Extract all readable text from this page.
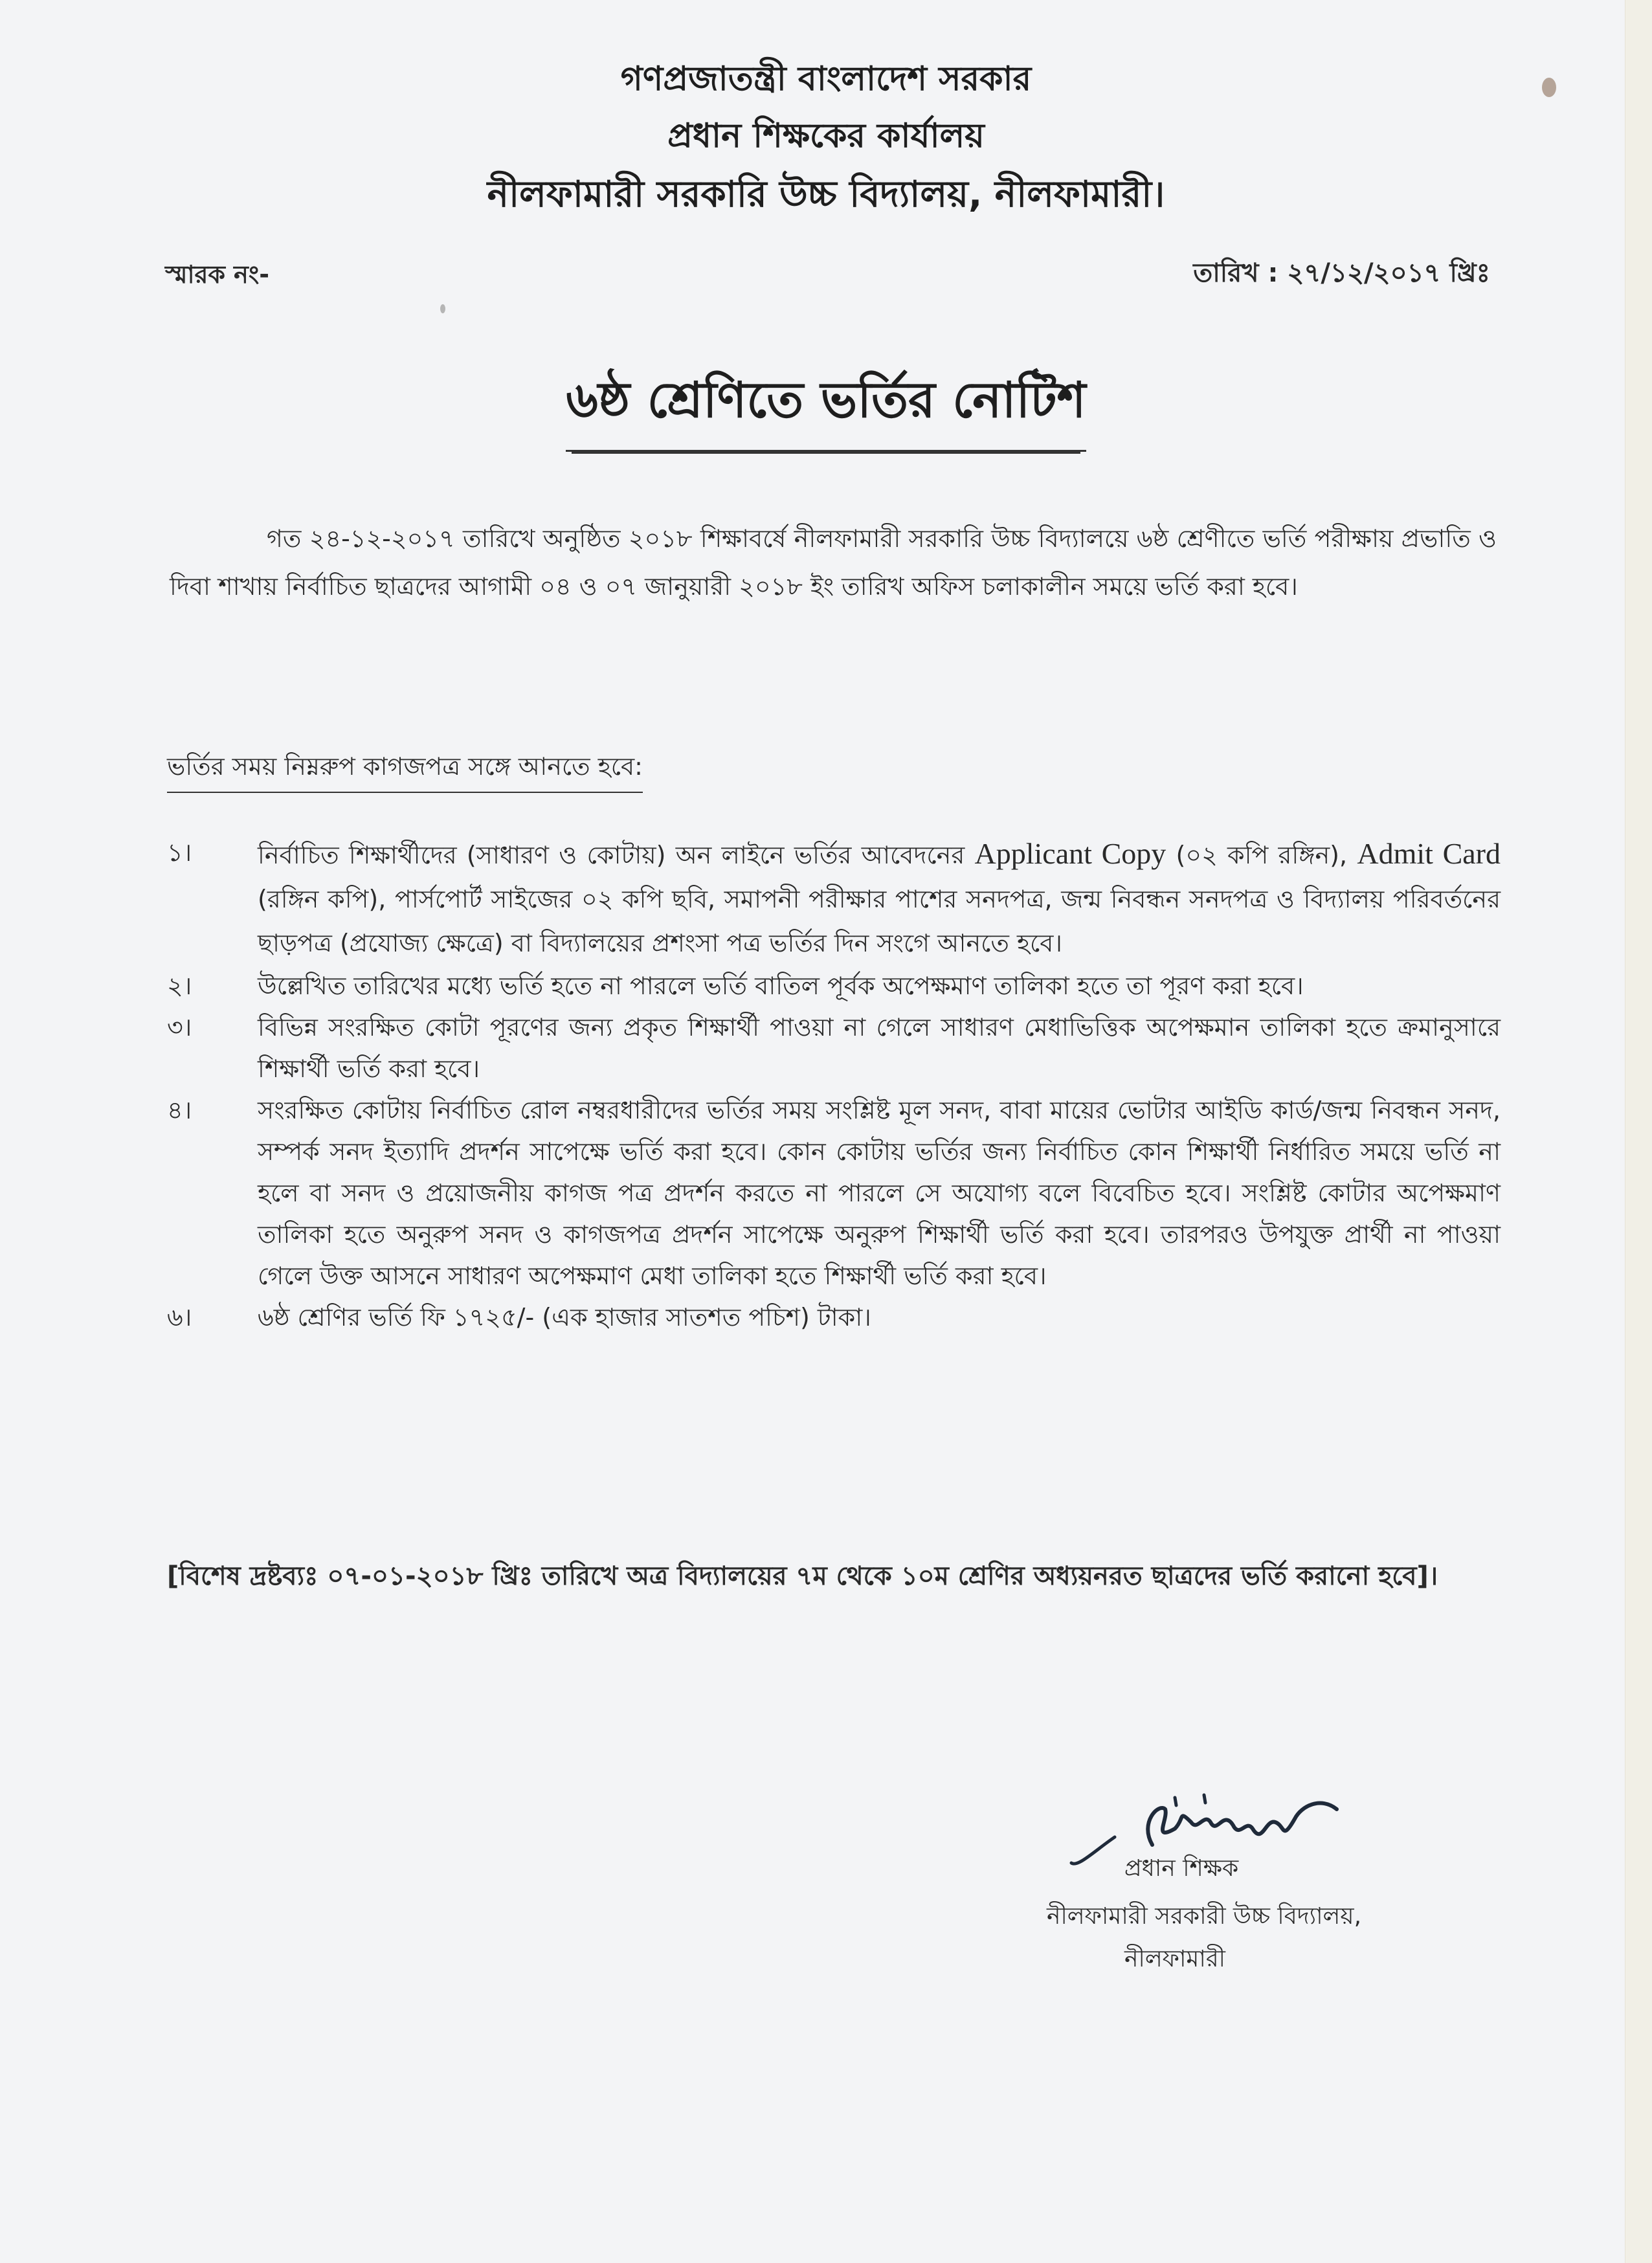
গণপ্রজাতন্ত্রী বাংলাদেশ সরকার
প্রধান শিক্ষকের কার্যালয়
নীলফামারী সরকারি উচ্চ বিদ্যালয়, নীলফামারী।
স্মারক নং-	তারিখ : ২৭/১২/২০১৭ খ্রিঃ
৬ষ্ঠ শ্রেণিতে ভর্তির নোটিশ

গত ২৪-১২-২০১৭ তারিখে অনুষ্ঠিত ২০১৮ শিক্ষাবর্ষে নীলফামারী সরকারি উচ্চ বিদ্যালয়ে ৬ষ্ঠ শ্রেণীতে ভর্তি পরীক্ষায় প্রভাতি ও দিবা শাখায় নির্বাচিত ছাত্রদের আগামী ০৪ ও ০৭ জানুয়ারী ২০১৮ ইং তারিখ অফিস চলাকালীন সময়ে ভর্তি করা হবে।

ভর্তির সময় নিম্নরুপ কাগজপত্র সঙ্গে আনতে হবে:
১।	নির্বাচিত শিক্ষার্থীদের (সাধারণ ও কোটায়) অন লাইনে ভর্তির আবেদনের Applicant Copy (০২ কপি রঙ্গিন), Admit Card (রঙ্গিন কপি), পার্সপোর্ট সাইজের ০২ কপি ছবি, সমাপনী পরীক্ষার পাশের সনদপত্র, জন্ম নিবন্ধন সনদপত্র ও বিদ্যালয় পরিবর্তনের ছাড়পত্র (প্রযোজ্য ক্ষেত্রে) বা বিদ্যালয়ের প্রশংসা পত্র ভর্তির দিন সংগে আনতে হবে।
২।	উল্লেখিত তারিখের মধ্যে ভর্তি হতে না পারলে ভর্তি বাতিল পূর্বক অপেক্ষমাণ তালিকা হতে তা পূরণ করা হবে।
৩।	বিভিন্ন সংরক্ষিত কোটা পূরণের জন্য প্রকৃত শিক্ষার্থী পাওয়া না গেলে সাধারণ মেধাভিত্তিক অপেক্ষমান তালিকা হতে ক্রমানুসারে শিক্ষার্থী ভর্তি করা হবে।
৪।	সংরক্ষিত কোটায় নির্বাচিত রোল নম্বরধারীদের ভর্তির সময় সংশ্লিষ্ট মূল সনদ, বাবা মায়ের ভোটার আইডি কার্ড/জন্ম নিবন্ধন সনদ, সম্পর্ক সনদ ইত্যাদি প্রদর্শন সাপেক্ষে ভর্তি করা হবে। কোন কোটায় ভর্তির জন্য নির্বাচিত কোন শিক্ষার্থী নির্ধারিত সময়ে ভর্তি না হলে বা সনদ ও প্রয়োজনীয় কাগজ পত্র প্রদর্শন করতে না পারলে সে অযোগ্য বলে বিবেচিত হবে। সংশ্লিষ্ট কোটার অপেক্ষমাণ তালিকা হতে অনুরুপ সনদ ও কাগজপত্র প্রদর্শন সাপেক্ষে অনুরুপ শিক্ষার্থী ভর্তি করা হবে। তারপরও উপযুক্ত প্রার্থী না পাওয়া গেলে উক্ত আসনে সাধারণ অপেক্ষমাণ মেধা তালিকা হতে শিক্ষার্থী ভর্তি করা হবে।
৬।	৬ষ্ঠ শ্রেণির ভর্তি ফি ১৭২৫/- (এক হাজার সাতশত পচিশ) টাকা।

[বিশেষ দ্রষ্টব্যঃ ০৭-০১-২০১৮ খ্রিঃ তারিখে অত্র বিদ্যালয়ের ৭ম থেকে ১০ম শ্রেণির অধ্যয়নরত ছাত্রদের ভর্তি করানো হবে]।

প্রধান শিক্ষক
নীলফামারী সরকারী উচ্চ বিদ্যালয়,
নীলফামারী
